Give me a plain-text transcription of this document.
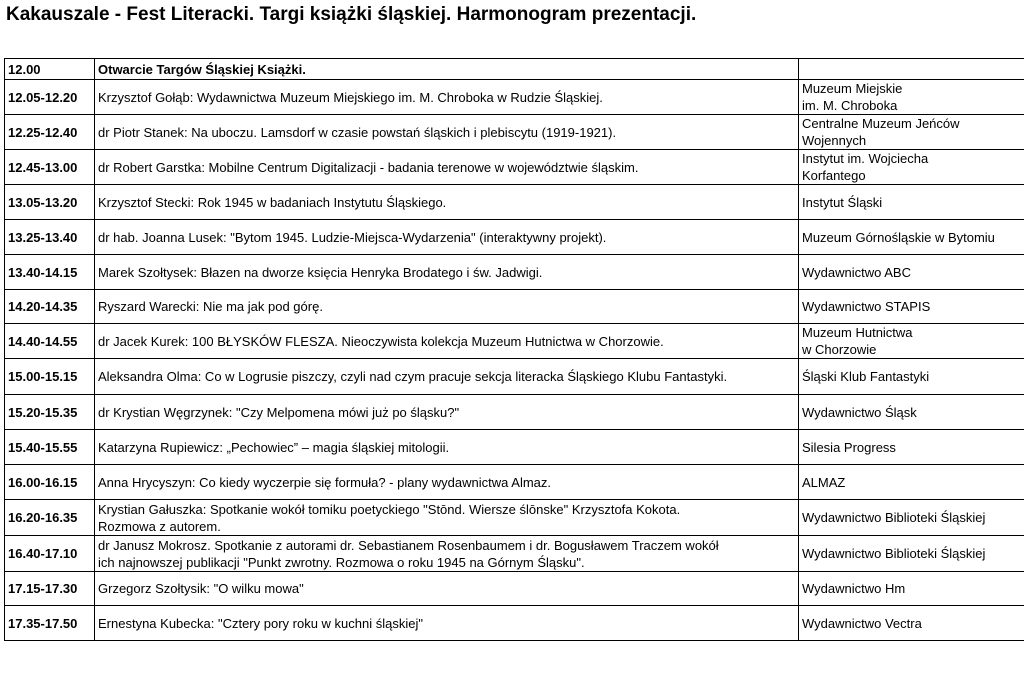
Kakauszale - Fest Literacki. Targi książki śląskiej. Harmonogram prezentacji.
12.00	Otwarcie Targów Śląskiej Książki.	

12.05-12.20	Krzysztof Gołąb: Wydawnictwa Muzeum Miejskiego im. M. Chroboka w Rudzie Śląskiej.	Muzeum Miejskie
im. M. Chroboka

12.25-12.40	dr Piotr Stanek: Na uboczu. Lamsdorf w czasie powstań śląskich i plebiscytu (1919-1921).	Centralne Muzeum Jeńców
Wojennych

12.45-13.00	dr Robert Garstka: Mobilne Centrum Digitalizacji - badania terenowe w województwie śląskim.	Instytut im. Wojciecha
Korfantego

13.05-13.20	Krzysztof Stecki: Rok 1945 w badaniach Instytutu Śląskiego.	Instytut Śląski

13.25-13.40	dr hab. Joanna Lusek: "Bytom 1945. Ludzie-Miejsca-Wydarzenia" (interaktywny projekt).	Muzeum Górnośląskie w Bytomiu

13.40-14.15	Marek Szołtysek: Błazen na dworze księcia Henryka Brodatego i św. Jadwigi.	Wydawnictwo ABC

14.20-14.35	Ryszard Warecki: Nie ma jak pod górę.	Wydawnictwo STAPIS

14.40-14.55	dr Jacek Kurek: 100 BŁYSKÓW FLESZA. Nieoczywista kolekcja Muzeum Hutnictwa w Chorzowie.	Muzeum Hutnictwa
w Chorzowie

15.00-15.15	Aleksandra Olma: Co w Logrusie piszczy, czyli nad czym pracuje sekcja literacka Śląskiego Klubu Fantastyki.	Śląski Klub Fantastyki

15.20-15.35	dr Krystian Węgrzynek: "Czy Melpomena mówi już po śląsku?"	Wydawnictwo Śląsk

15.40-15.55	Katarzyna Rupiewicz: „Pechowiec” – magia śląskiej mitologii.	Silesia Progress

16.00-16.15	Anna Hrycyszyn: Co kiedy wyczerpie się formuła? - plany wydawnictwa Almaz.	ALMAZ

16.20-16.35	Krystian Gałuszka: Spotkanie wokół tomiku poetyckiego "Stōnd. Wiersze ślōnske" Krzysztofa Kokota.
Rozmowa z autorem.	Wydawnictwo Biblioteki Śląskiej

16.40-17.10	dr Janusz Mokrosz. Spotkanie z autorami dr. Sebastianem Rosenbaumem i dr. Bogusławem Traczem wokół
ich najnowszej publikacji "Punkt zwrotny. Rozmowa o roku 1945 na Górnym Śląsku".	Wydawnictwo Biblioteki Śląskiej

17.15-17.30	Grzegorz Szołtysik: "O wilku mowa"	Wydawnictwo Hm

17.35-17.50	Ernestyna Kubecka: "Cztery pory roku w kuchni śląskiej"	Wydawnictwo Vectra
